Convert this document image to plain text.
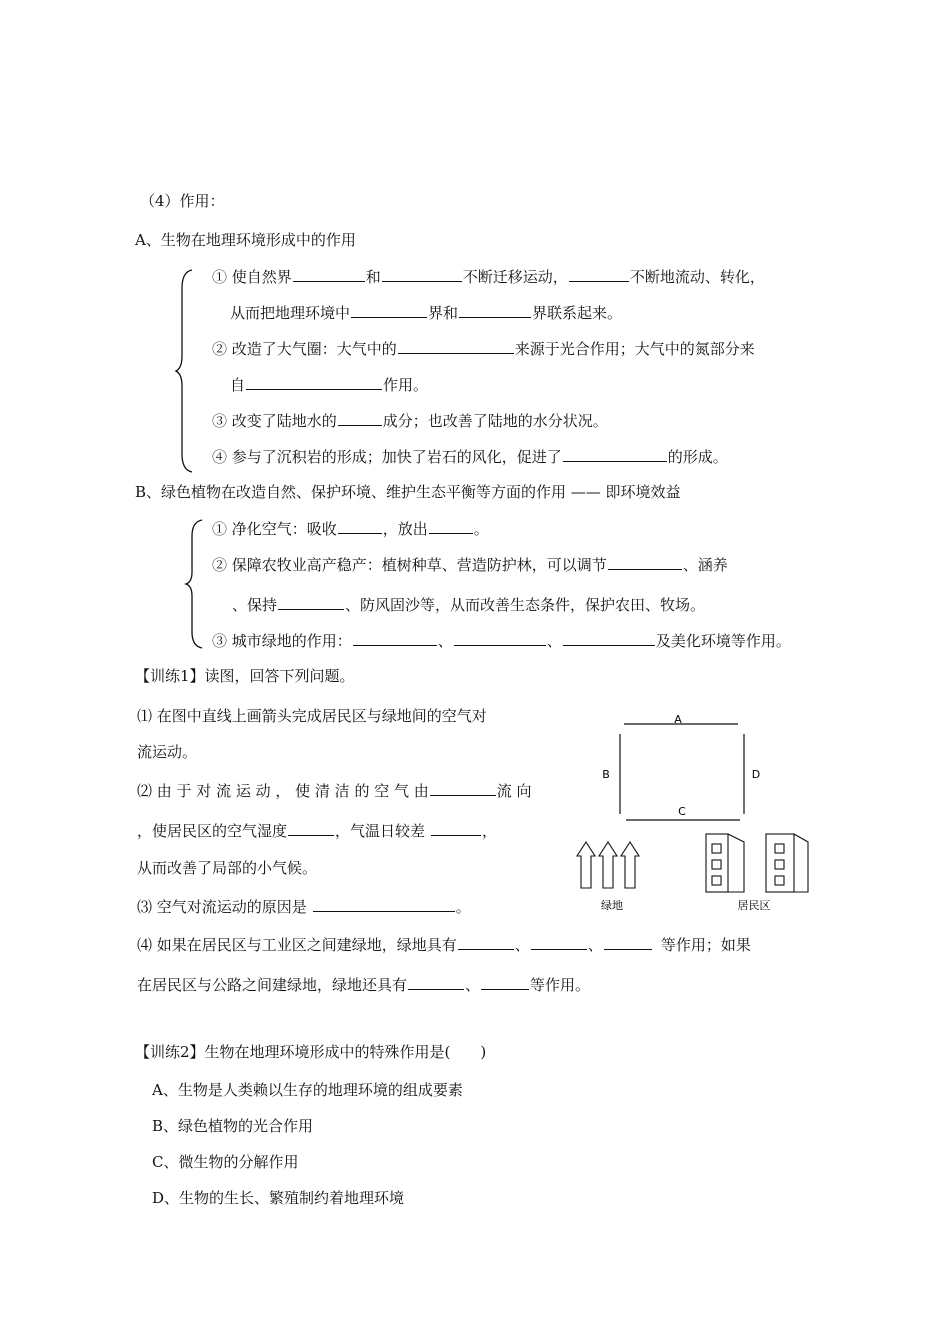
（4）作用：
A、生物在地理环境形成中的作用
① 使自然界	和	不断迁移运动，	不断地流动、转化，
从而把地理环境中	界和	界联系起来。
② 改造了大气圈：大气中的	来源于光合作用；大气中的氮部分来
自	作用。
③ 改变了陆地水的	成分；也改善了陆地的水分状况。
④ 参与了沉积岩的形成；加快了岩石的风化，促进了	的形成。
B、绿色植物在改造自然、保护环境、维护生态平衡等方面的作用 —— 即环境效益
① 净化空气：吸收	，放出	。
② 保障农牧业高产稳产：植树种草、营造防护林，可以调节	、涵养
、保持	、防风固沙等，从而改善生态条件，保护农田、牧场。
③ 城市绿地的作用：	、	、	及美化环境等作用。
【训练1】读图，回答下列问题。
⑴ 在图中直线上画箭头完成居民区与绿地间的空气对
流运动。
⑵ 由 于 对 流 运 动 ， 使 清 洁 的 空 气 由	流 向
，使居民区的空气湿度	，气温日较差	，
从而改善了局部的小气候。
⑶ 空气对流运动的原因是	。
⑷ 如果在居民区与工业区之间建绿地，绿地具有	、	、	等作用；如果
在居民区与公路之间建绿地，绿地还具有	、	等作用。
A
B
C
D
绿地	居民区
【训练2】生物在地理环境形成中的特殊作用是(　　)
A、生物是人类赖以生存的地理环境的组成要素
B、绿色植物的光合作用
C、微生物的分解作用
D、生物的生长、繁殖制约着地理环境
